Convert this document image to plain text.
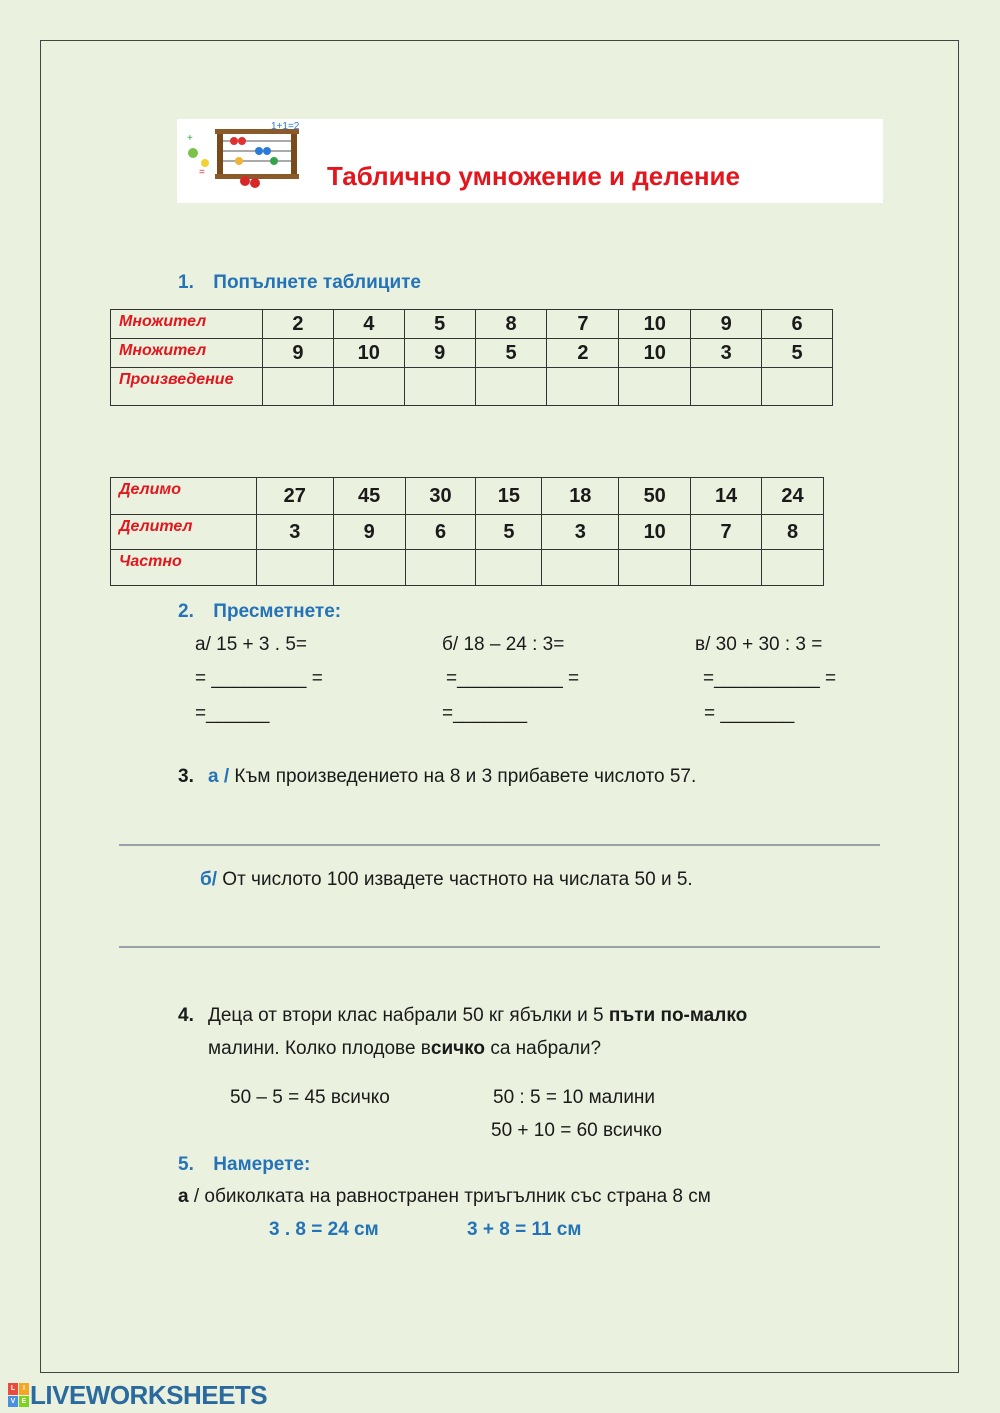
1+1=2
+
=	Таблично умножение и деление
1. Попълнете таблиците
Множител	2	4	5	8	7	10	9	6
Множител	9	10	9	5	2	10	3	5
Произведение								
Делимо	27	45	30	15	18	50	14	24
Делител	3	9	6	5	3	10	7	8
Частно								
2. Пресметнете:
а/ 15 + 3 . 5=
= _________ =
=______
б/ 18 – 24 : 3=
=__________ =
=_______
в/ 30 + 30 : 3 =
=__________ =
= _______
3. а / Към произведението на 8 и 3 прибавете числото 57.
б/ От числото 100 извадете частното на числата 50 и 5.
4. Деца от втори клас набрали 50 кг ябълки и 5 пъти по-малко
малини. Колко плодове всичко са набрали?
50 – 5 = 45 всичко	50 : 5 = 10 малини
50 + 10 = 60 всичко
5. Намерете:
а / обиколката на равностранен триъгълник със страна 8 см
3 . 8 = 24 см	3 + 8 = 11 см
L	I
V E LIVEWORKSHEETS
